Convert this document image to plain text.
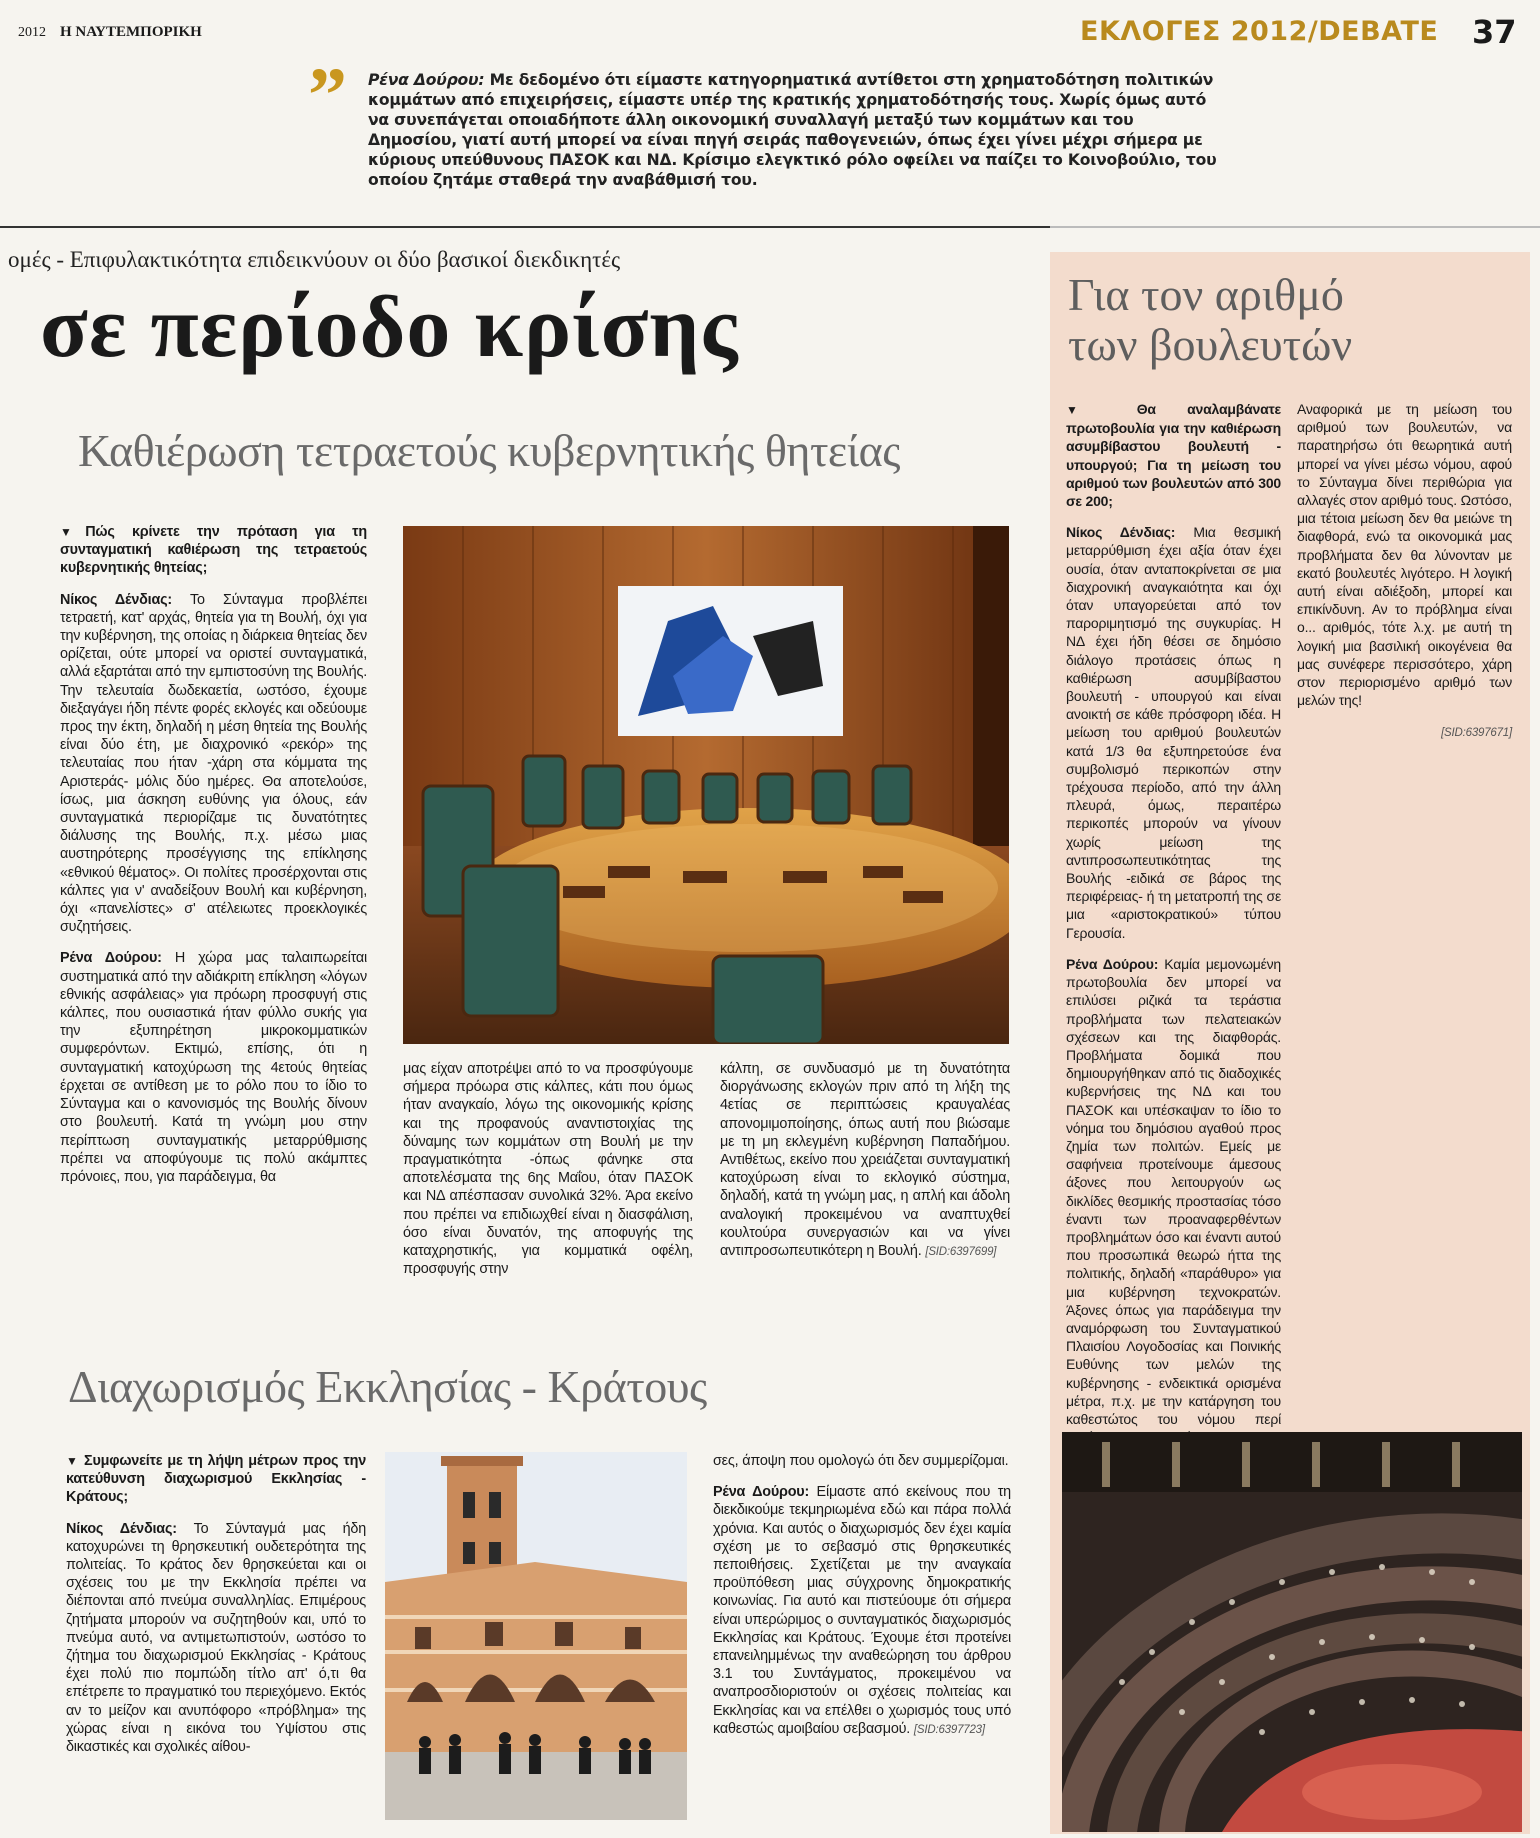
2012 Η ΝΑΥΤΕΜΠΟΡΙΚΗ	ΕΚΛΟΓΕΣ 2012/DEBATE 37
”	Ρένα Δούρου: Με δεδομένο ότι είμαστε κατηγορηματικά αντίθετοι στη χρηματοδότηση πολιτικών κομμάτων από επιχειρήσεις, είμαστε υπέρ της κρατικής χρηματοδότησής τους. Χωρίς όμως αυτό να συνεπάγεται οποιαδήποτε άλλη οικονομική συναλλαγή μεταξύ των κομμάτων και του Δημοσίου, γιατί αυτή μπορεί να είναι πηγή σειράς παθογενειών, όπως έχει γίνει μέχρι σήμερα με κύριους υπεύθυνους ΠΑΣΟΚ και ΝΔ. Κρίσιμο ελεγκτικό ρόλο οφείλει να παίζει το Κοινοβούλιο, του οποίου ζητάμε σταθερά την αναβάθμισή του.
ομές - Επιφυλακτικότητα επιδεικνύουν οι δύο βασικοί διεκδικητές
σε περίοδο κρίσης
Καθιέρωση τετραετούς κυβερνητικής θητείας

▼Πώς κρίνετε την πρόταση για τη συνταγματική καθιέρωση της τετραετούς κυβερνητικής θητείας;

Νίκος Δένδιας: Το Σύνταγμα προβλέπει τετραετή, κατ' αρχάς, θητεία για τη Βουλή, όχι για την κυβέρνηση, της οποίας η διάρκεια θητείας δεν ορίζεται, ούτε μπορεί να οριστεί συνταγματικά, αλλά εξαρτάται από την εμπιστοσύνη της Βουλής. Την τελευταία δωδεκαετία, ωστόσο, έχουμε διεξαγάγει ήδη πέντε φορές εκλογές και οδεύουμε προς την έκτη, δηλαδή η μέση θητεία της Βουλής είναι δύο έτη, με διαχρονικό «ρεκόρ» της τελευταίας που ήταν -χάρη στα κόμματα της Αριστεράς- μόλις δύο ημέρες. Θα αποτελούσε, ίσως, μια άσκηση ευθύνης για όλους, εάν συνταγματικά περιορίζαμε τις δυνατότητες διάλυσης της Βουλής, π.χ. μέσω μιας αυστηρότερης προσέγγισης της επίκλησης «εθνικού θέματος». Οι πολίτες προσέρχονται στις κάλπες για ν' αναδείξουν Βουλή και κυβέρνηση, όχι «πανελίστες» σ' ατέλειωτες προεκλογικές συζητήσεις.

Ρένα Δούρου: Η χώρα μας ταλαιπωρείται συστηματικά από την αδιάκριτη επίκληση «λόγων εθνικής ασφάλειας» για πρόωρη προσφυγή στις κάλπες, που ουσιαστικά ήταν φύλλο συκής για την εξυπηρέτηση μικροκομματικών συμφερόντων. Εκτιμώ, επίσης, ότι η συνταγματική κατοχύρωση της 4ετούς θητείας έρχεται σε αντίθεση με το ρόλο που το ίδιο το Σύνταγμα και ο κανονισμός της Βουλής δίνουν στο βουλευτή. Κατά τη γνώμη μου στην περίπτωση συνταγματικής μεταρρύθμισης πρέπει να αποφύγουμε τις πολύ ακάμπτες πρόνοιες, που, για παράδειγμα, θα

μας είχαν αποτρέψει από το να προσφύγουμε σήμερα πρόωρα στις κάλπες, κάτι που όμως ήταν αναγκαίο, λόγω της οικονομικής κρίσης και της προφανούς αναντιστοιχίας της δύναμης των κομμάτων στη Βουλή με την πραγματικότητα -όπως φάνηκε στα αποτελέσματα της 6ης Μαΐου, όταν ΠΑΣΟΚ και ΝΔ απέσπασαν συνολικά 32%. Άρα εκείνο που πρέπει να επιδιωχθεί είναι η διασφάλιση, όσο είναι δυνατόν, της αποφυγής της καταχρηστικής, για κομματικά οφέλη, προσφυγής στην

κάλπη, σε συνδυασμό με τη δυνατότητα διοργάνωσης εκλογών πριν από τη λήξη της 4ετίας σε περιπτώσεις κραυγαλέας απονομιμοποίησης, όπως αυτή που βιώσαμε με τη μη εκλεγμένη κυβέρνηση Παπαδήμου. Αντιθέτως, εκείνο που χρειάζεται συνταγματική κατοχύρωση είναι το εκλογικό σύστημα, δηλαδή, κατά τη γνώμη μας, η απλή και άδολη αναλογική προκειμένου να αναπτυχθεί κουλτούρα συνεργασιών και να γίνει αντιπροσωπευτικότερη η Βουλή. [SID:6397699]

Διαχωρισμός Εκκλησίας - Κράτους

▼ Συμφωνείτε με τη λήψη μέτρων προς την κατεύθυνση διαχωρισμού Εκκλησίας - Κράτους;

Νίκος Δένδιας: Το Σύνταγμά μας ήδη κατοχυρώνει τη θρησκευτική ουδετερότητα της πολιτείας. Το κράτος δεν θρησκεύεται και οι σχέσεις του με την Εκκλησία πρέπει να διέπονται από πνεύμα συναλληλίας. Επιμέρους ζητήματα μπορούν να συζητηθούν και, υπό το πνεύμα αυτό, να αντιμετωπιστούν, ωστόσο το ζήτημα του διαχωρισμού Εκκλησίας - Κράτους έχει πολύ πιο πομπώδη τίτλο απ' ό,τι θα επέτρεπε το πραγματικό του περιεχόμενο. Εκτός αν το μείζον και ανυπόφορο «πρόβλημα» της χώρας είναι η εικόνα του Υψίστου στις δικαστικές και σχολικές αίθου-

σες, άποψη που ομολογώ ότι δεν συμμερίζομαι.

Ρένα Δούρου: Είμαστε από εκείνους που τη διεκδικούμε τεκμηριωμένα εδώ και πάρα πολλά χρόνια. Και αυτός ο διαχωρισμός δεν έχει καμία σχέση με το σεβασμό στις θρησκευτικές πεποιθήσεις. Σχετίζεται με την αναγκαία προϋπόθεση μιας σύγχρονης δημοκρατικής κοινωνίας. Για αυτό και πιστεύουμε ότι σήμερα είναι υπερώριμος ο συνταγματικός διαχωρισμός Εκκλησίας και Κράτους. Έχουμε έτσι προτείνει επανειλημμένως την αναθεώρηση του άρθρου 3.1 του Συντάγματος, προκειμένου να αναπροσδιοριστούν οι σχέσεις πολιτείας και Εκκλησίας και να επέλθει ο χωρισμός τους υπό καθεστώς αμοιβαίου σεβασμού. [SID:6397723]

Για τον αριθμό
των βουλευτών

▼ Θα αναλαμβάνατε πρωτοβουλία για την καθιέρωση ασυμβίβαστου βουλευτή - υπουργού; Για τη μείωση του αριθμού των βουλευτών από 300 σε 200;

Νίκος Δένδιας: Μια θεσμική μεταρρύθμιση έχει αξία όταν έχει ουσία, όταν ανταποκρίνεται σε μια διαχρονική αναγκαιότητα και όχι όταν υπαγορεύεται από τον παροριμητισμό της συγκυρίας. Η ΝΔ έχει ήδη θέσει σε δημόσιο διάλογο προτάσεις όπως η καθιέρωση ασυμβίβαστου βουλευτή - υπουργού και είναι ανοικτή σε κάθε πρόσφορη ιδέα. Η μείωση του αριθμού βουλευτών κατά 1/3 θα εξυπηρετούσε ένα συμβολισμό περικοπών στην τρέχουσα περίοδο, από την άλλη πλευρά, όμως, περαιτέρω περικοπές μπορούν να γίνουν χωρίς μείωση της αντιπροσωπευτικότητας της Βουλής -ειδικά σε βάρος της περιφέρειας- ή τη μετατροπή της σε μια «αριστοκρατικού» τύπου Γερουσία.

Ρένα Δούρου: Καμία μεμονωμένη πρωτοβουλία δεν μπορεί να επιλύσει ριζικά τα τεράστια προβλήματα των πελατειακών σχέσεων και της διαφθοράς. Προβλήματα δομικά που δημιουργήθηκαν από τις διαδοχικές κυβερνήσεις της ΝΔ και του ΠΑΣΟΚ και υπέσκαψαν το ίδιο το νόημα του δημόσιου αγαθού προς ζημία των πολιτών. Εμείς με σαφήνεια προτείνουμε άμεσους άξονες που λειτουργούν ως δικλίδες θεσμικής προστασίας τόσο έναντι των προαναφερθέντων προβλημάτων όσο και έναντι αυτού που προσωπικά θεωρώ ήττα της πολιτικής, δηλαδή «παράθυρο» για μια κυβέρνηση τεχνοκρατών. Άξονες όπως για παράδειγμα την αναμόρφωση του Συνταγματικού Πλαισίου Λογοδοσίας και Ποινικής Ευθύνης των μελών της κυβέρνησης - ενδεικτικά ορισμένα μέτρα, π.χ. με την κατάργηση του καθεστώτος του νόμου περί

Αναφορικά με τη μείωση του αριθμού των βουλευτών, να παρατηρήσω ότι θεωρητικά αυτή μπορεί να γίνει μέσω νόμου, αφού το Σύνταγμα δίνει περιθώρια για αλλαγές στον αριθμό τους. Ωστόσο, μια τέτοια μείωση δεν θα μειώνε τη διαφθορά, ενώ τα οικονομικά μας προβλήματα δεν θα λύνονταν με εκατό βουλευτές λιγότερο. Η λογική αυτή είναι αδιέξοδη, μπορεί και επικίνδυνη. Αν το πρόβλημα είναι ο... αριθμός, τότε λ.χ. με αυτή τη λογική μια βασιλική οικογένεια θα μας συνέφερε περισσότερο, χάρη στον περιορισμένο αριθμό των μελών της!

[SID:6397671]
